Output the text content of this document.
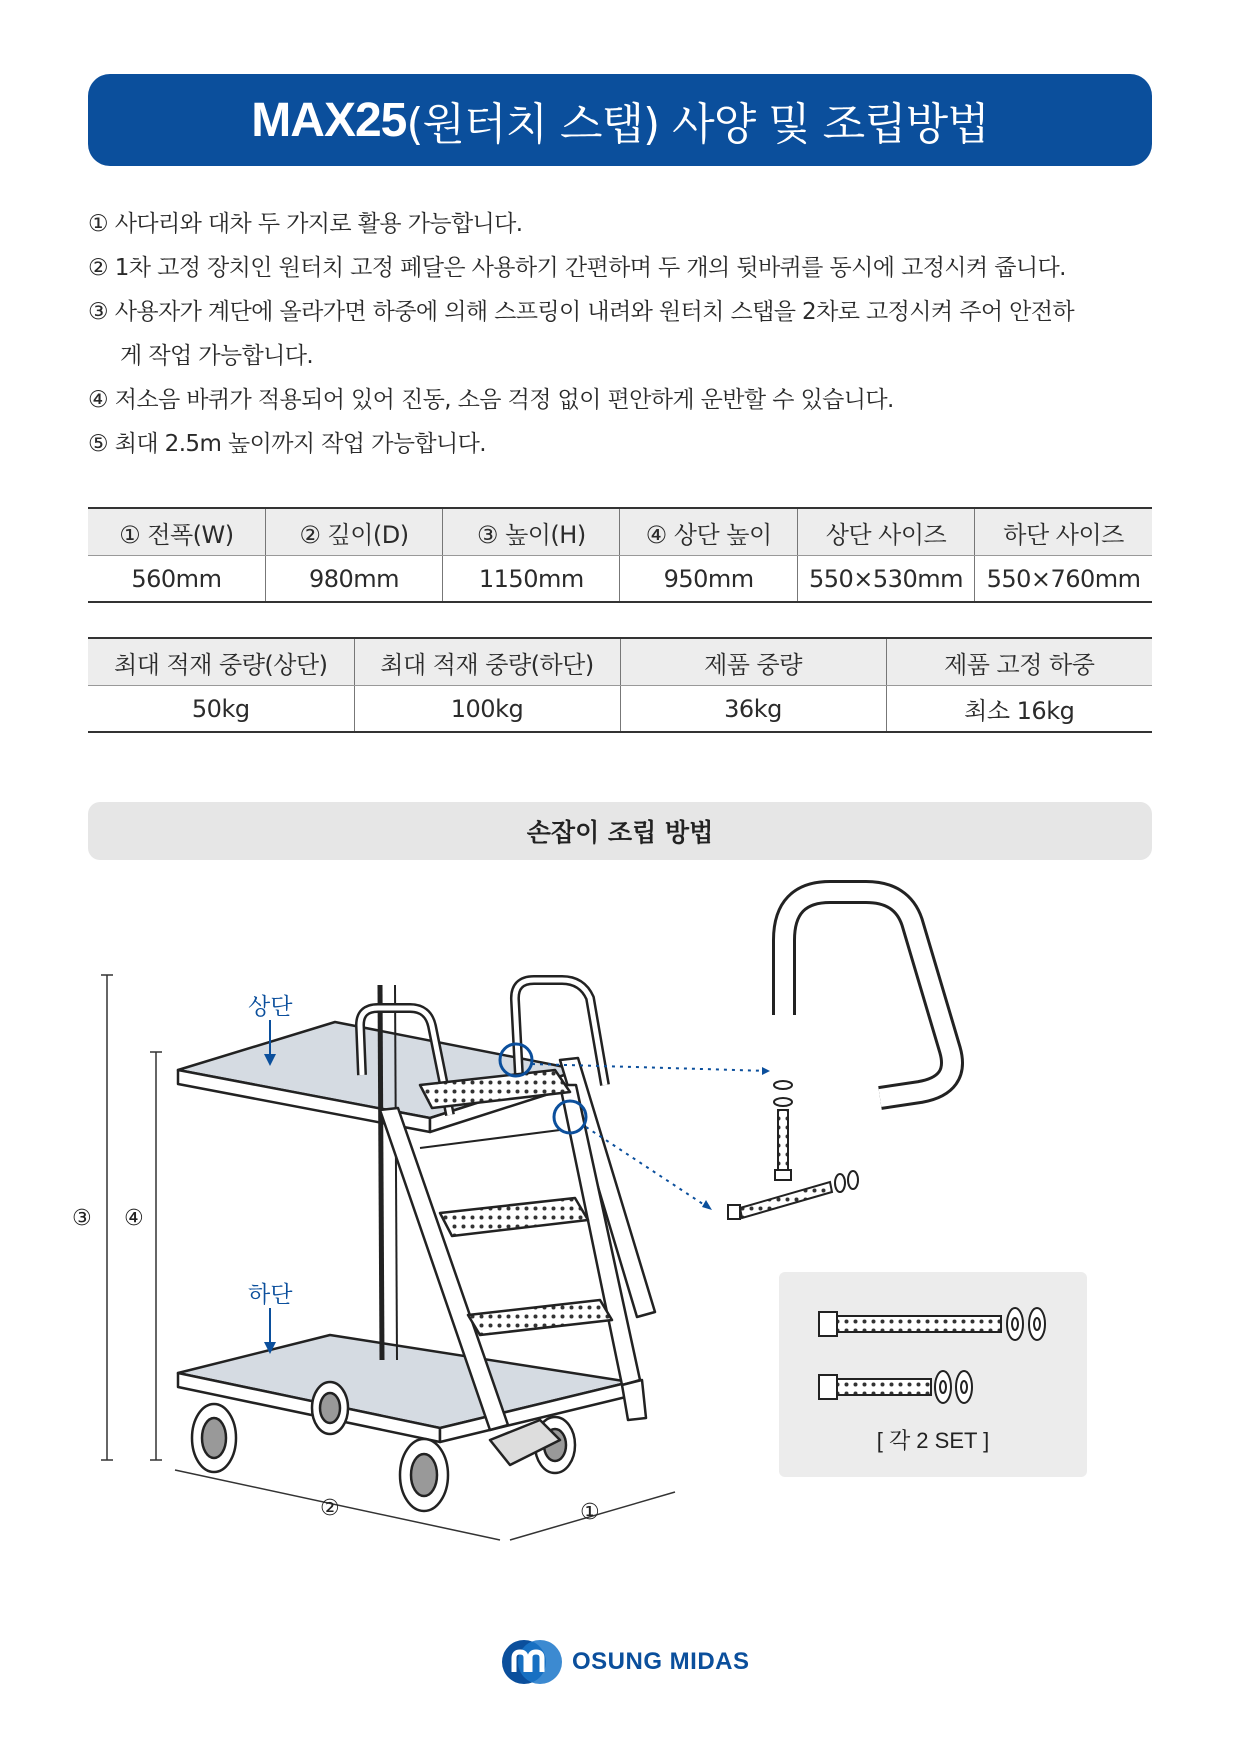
MAX25 (원터치 스탭) 사양 및 조립방법
① 사다리와 대차 두 가지로 활용 가능합니다.
② 1차 고정 장치인 원터치 고정 페달은 사용하기 간편하며 두 개의 뒷바퀴를 동시에 고정시켜 줍니다.
③ 사용자가 계단에 올라가면 하중에 의해 스프링이 내려와 원터치 스탭을 2차로 고정시켜 주어 안전하
게 작업 가능합니다.
④ 저소음 바퀴가 적용되어 있어 진동, 소음 걱정 없이 편안하게 운반할 수 있습니다.
⑤ 최대 2.5m 높이까지 작업 가능합니다.
① 전폭(W)	② 깊이(D)	③ 높이(H)	④ 상단 높이	상단 사이즈	하단 사이즈
560mm	980mm	1150mm	950mm	550×530mm	550×760mm
최대 적재 중량(상단)	최대 적재 중량(하단)	제품 중량	제품 고정 하중
50kg	100kg	36kg	최소 16kg
손잡이 조립 방법
상단
하단
③ ④
②	①
[ 각 2 SET ]
OSUNG MIDAS
